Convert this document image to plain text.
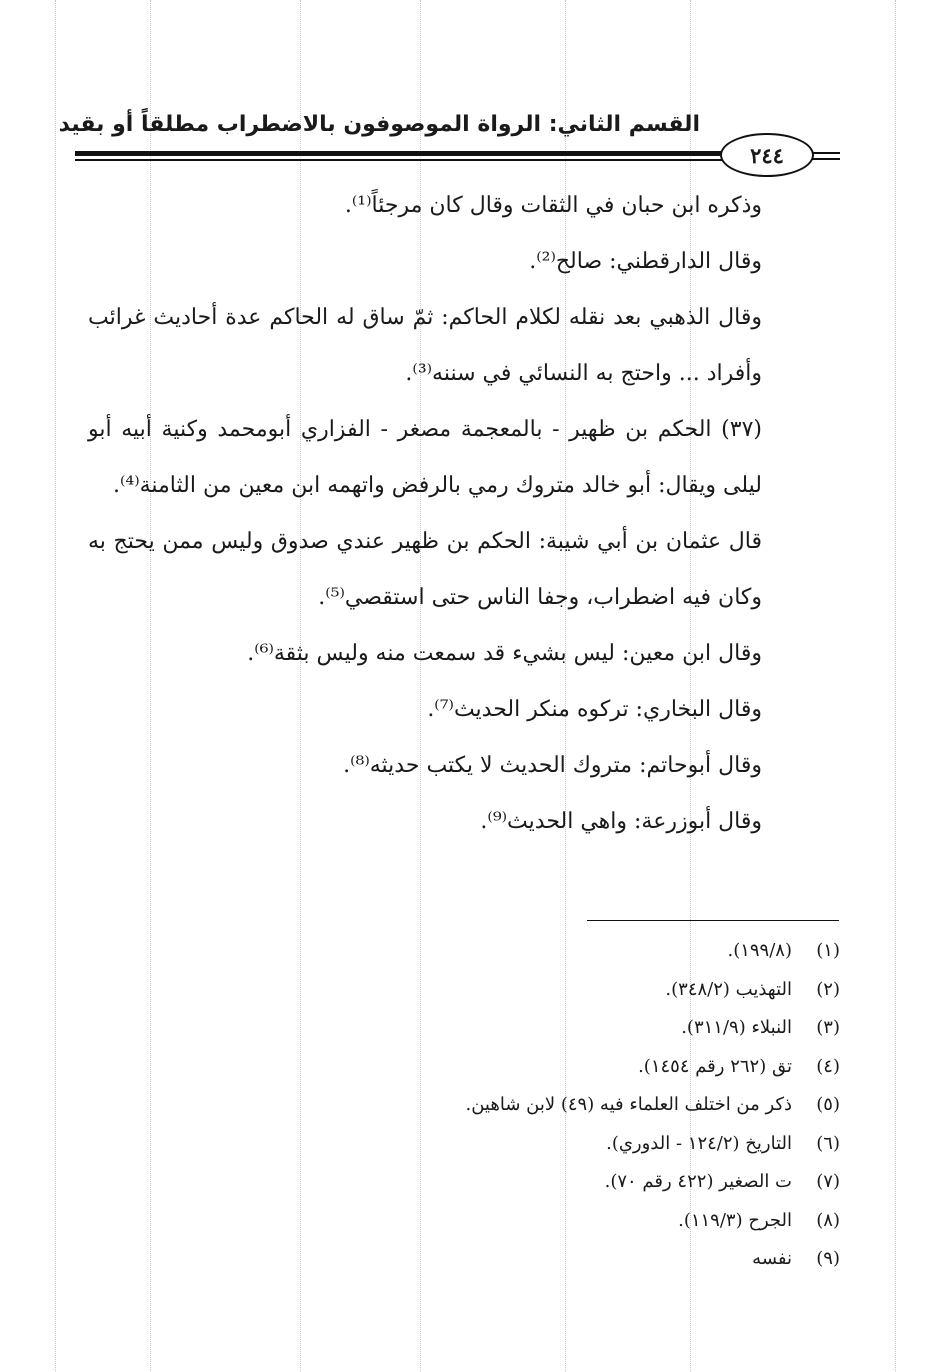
القسم الثاني: الرواة الموصوفون بالاضطراب مطلقاً أو بقيد
٢٤٤

وذكره ابن حبان في الثقات وقال كان مرجئاً⁽¹⁾.

وقال الدارقطني: صالح⁽²⁾.

وقال الذهبي بعد نقله لكلام الحاكم: ثمّ ساق له الحاكم عدة أحاديث غرائب وأفراد ... واحتج به النسائي في سننه⁽³⁾.

(٣٧) الحكم بن ظهير - بالمعجمة مصغر - الفزاري أبومحمد وكنية أبيه أبو ليلى ويقال: أبو خالد متروك رمي بالرفض واتهمه ابن معين من الثامنة⁽⁴⁾.

قال عثمان بن أبي شيبة: الحكم بن ظهير عندي صدوق وليس ممن يحتج به وكان فيه اضطراب، وجفا الناس حتى استقصي⁽⁵⁾.

وقال ابن معين: ليس بشيء قد سمعت منه وليس بثقة⁽⁶⁾.

وقال البخاري: تركوه منكر الحديث⁽⁷⁾.

وقال أبوحاتم: متروك الحديث لا يكتب حديثه⁽⁸⁾.

وقال أبوزرعة: واهي الحديث⁽⁹⁾.

(١)(١٩٩/٨).
(٢)التهذيب (٣٤٨/٢).
(٣)النبلاء (٣١١/٩).
(٤)تق (٢٦٢ رقم ١٤٥٤).
(٥)ذكر من اختلف العلماء فيه (٤٩) لابن شاهين.
(٦)التاريخ (١٢٤/٢ - الدوري).
(٧)ت الصغير (٤٢٢ رقم ٧٠).
(٨)الجرح (١١٩/٣).
(٩)نفسه
